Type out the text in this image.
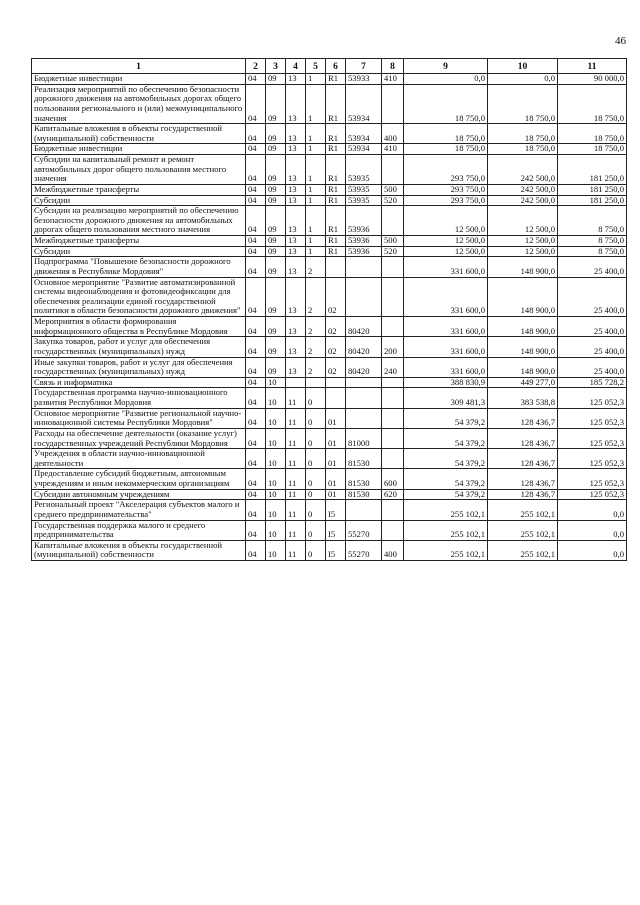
46
1	2	3	4	5	6	7	8	9	10	11
Бюджетные инвестиции	04	09	13	1	R1	53933	410	0,0	0,0	90 000,0
Реализация мероприятий по обеспечению безопасности дорожного движения на автомобильных дорогах общего пользования регионального и (или) межмуниципального значения	04	09	13	1	R1	53934		18 750,0	18 750,0	18 750,0
Капитальные вложения в объекты государственной (муниципальной) собственности	04	09	13	1	R1	53934	400	18 750,0	18 750,0	18 750,0
Бюджетные инвестиции	04	09	13	1	R1	53934	410	18 750,0	18 750,0	18 750,0
Субсидии на капитальный ремонт и ремонт автомобильных дорог общего пользования местного значения	04	09	13	1	R1	53935		293 750,0	242 500,0	181 250,0
Межбюджетные трансферты	04	09	13	1	R1	53935	500	293 750,0	242 500,0	181 250,0
Субсидии	04	09	13	1	R1	53935	520	293 750,0	242 500,0	181 250,0
Субсидии на реализацию мероприятий по обеспечению безопасности дорожного движения на автомобильных дорогах общего пользования местного значения	04	09	13	1	R1	53936		12 500,0	12 500,0	8 750,0
Межбюджетные трансферты	04	09	13	1	R1	53936	500	12 500,0	12 500,0	8 750,0
Субсидии	04	09	13	1	R1	53936	520	12 500,0	12 500,0	8 750,0
Подпрограмма "Повышение безопасности дорожного движения в Республике Мордовия"	04	09	13	2				331 600,0	148 900,0	25 400,0
Основное мероприятие "Развитие автоматизированной системы видеонаблюдения и фотовидеофиксации для обеспечения реализации единой государственной политики в области безопасности дорожного движения"	04	09	13	2	02			331 600,0	148 900,0	25 400,0
Мероприятия в области формирования информационного общества в Республике Мордовия	04	09	13	2	02	80420		331 600,0	148 900,0	25 400,0
Закупка товаров, работ и услуг для обеспечения государственных (муниципальных) нужд	04	09	13	2	02	80420	200	331 600,0	148 900,0	25 400,0
Иные закупки товаров, работ и услуг для обеспечения государственных (муниципальных) нужд	04	09	13	2	02	80420	240	331 600,0	148 900,0	25 400,0
Связь и информатика	04	10						388 830,9	449 277,0	185 728,2
Государственная программа научно-инновационного развития Республики Мордовия	04	10	11	0				309 481,3	383 538,8	125 052,3
Основное мероприятие "Развитие региональной научно-инновационной системы Республики Мордовия"	04	10	11	0	01			54 379,2	128 436,7	125 052,3
Расходы на обеспечение деятельности (оказание услуг) государственных учреждений Республики Мордовия	04	10	11	0	01	81000		54 379,2	128 436,7	125 052,3
Учреждения в области научно-инновационной деятельности	04	10	11	0	01	81530		54 379,2	128 436,7	125 052,3
Предоставление субсидий бюджетным, автономным учреждениям и иным некоммерческим организациям	04	10	11	0	01	81530	600	54 379,2	128 436,7	125 052,3
Субсидии автономным учреждениям	04	10	11	0	01	81530	620	54 379,2	128 436,7	125 052,3
Региональный проект "Акселерация субъектов малого и среднего предпринимательства"	04	10	11	0	I5			255 102,1	255 102,1	0,0
Государственная поддержка малого и среднего предпринимательства	04	10	11	0	I5	55270		255 102,1	255 102,1	0,0
Капитальные вложения в объекты государственной (муниципальной) собственности	04	10	11	0	I5	55270	400	255 102,1	255 102,1	0,0
